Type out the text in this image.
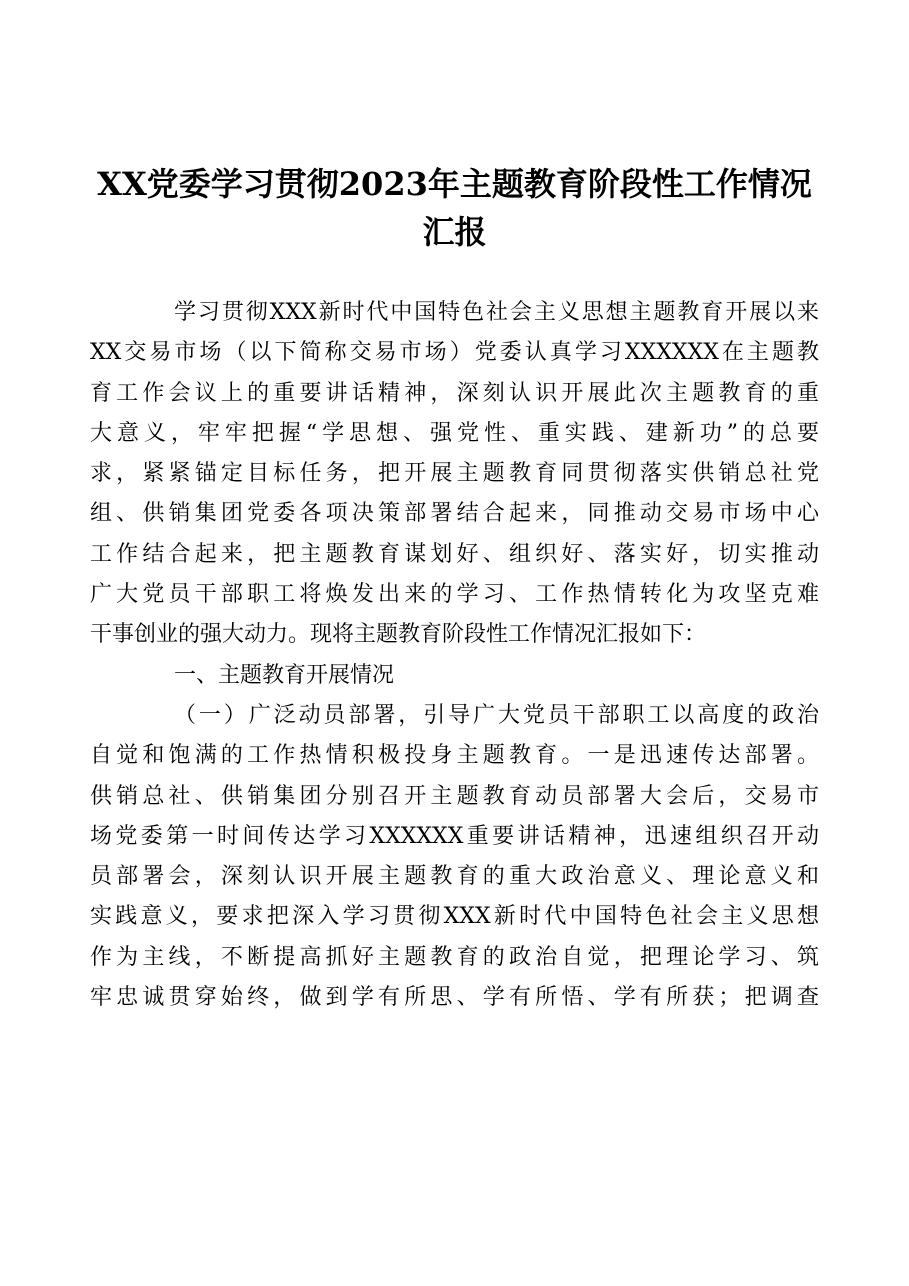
XX党委学习贯彻2023年主题教育阶段性工作情况
汇报
学习贯彻XXX新时代中国特色社会主义思想主题教育开展以来
XX交易市场（以下简称交易市场）党委认真学习XXXXXX在主题教
育工作会议上的重要讲话精神，深刻认识开展此次主题教育的重
大意义，牢牢把握“学思想、强党性、重实践、建新功”的总要
求，紧紧锚定目标任务，把开展主题教育同贯彻落实供销总社党
组、供销集团党委各项决策部署结合起来，同推动交易市场中心
工作结合起来，把主题教育谋划好、组织好、落实好，切实推动
广大党员干部职工将焕发出来的学习、工作热情转化为攻坚克难
干事创业的强大动力。现将主题教育阶段性工作情况汇报如下：
一、主题教育开展情况
（一）广泛动员部署，引导广大党员干部职工以高度的政治
自觉和饱满的工作热情积极投身主题教育。一是迅速传达部署。
供销总社、供销集团分别召开主题教育动员部署大会后，交易市
场党委第一时间传达学习XXXXXX重要讲话精神，迅速组织召开动
员部署会，深刻认识开展主题教育的重大政治意义、理论意义和
实践意义，要求把深入学习贯彻XXX新时代中国特色社会主义思想
作为主线，不断提高抓好主题教育的政治自觉，把理论学习、筑
牢忠诚贯穿始终，做到学有所思、学有所悟、学有所获；把调查
